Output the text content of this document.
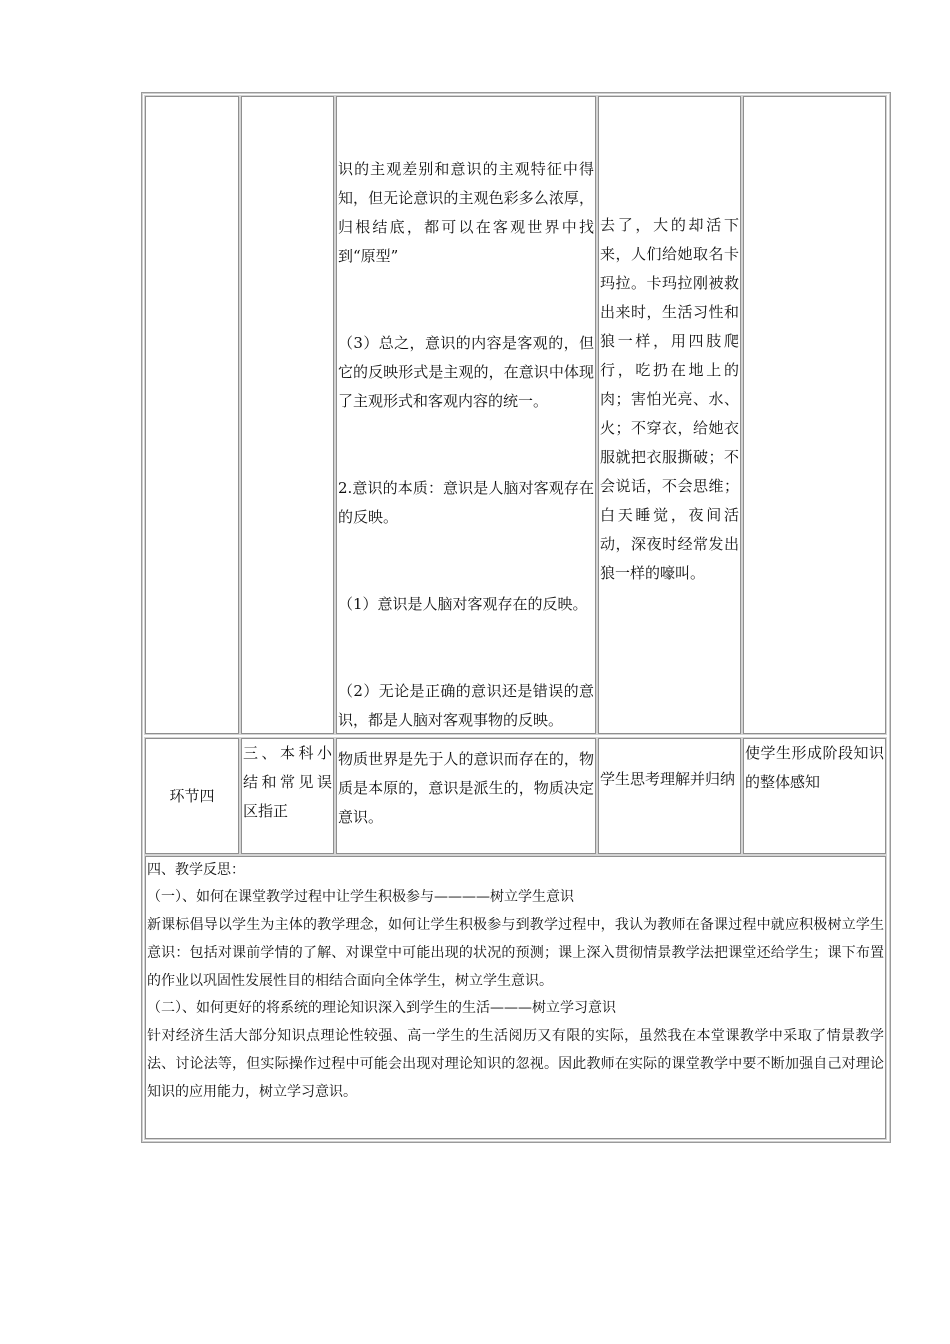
识的主观差别和意识的主观特征中得知，但无论意识的主观色彩多么浓厚，归根结底，都可以在客观世界中找到“原型”

（3）总之，意识的内容是客观的，但它的反映形式是主观的，在意识中体现了主观形式和客观内容的统一。

2.意识的本质：意识是人脑对客观存在的反映。

（1）意识是人脑对客观存在的反映。

（2）无论是正确的意识还是错误的意识，都是人脑对客观事物的反映。

去了，大的却活下来，人们给她取名卡玛拉。卡玛拉刚被救出来时，生活习性和狼一样，用四肢爬行，吃扔在地上的肉；害怕光亮、水、火；不穿衣，给她衣服就把衣服撕破；不会说话，不会思维；白天睡觉，夜间活动，深夜时经常发出狼一样的嚎叫。
环节四
三、本科小结和常见误区指正
物质世界是先于人的意识而存在的，物质是本原的，意识是派生的，物质决定意识。
学生思考理解并归纳
使学生形成阶段知识的整体感知
四、教学反思：
（一）、如何在课堂教学过程中让学生积极参与————树立学生意识
新课标倡导以学生为主体的教学理念，如何让学生积极参与到教学过程中，我认为教师在备课过程中就应积极树立学生意识：包括对课前学情的了解、对课堂中可能出现的状况的预测；课上深入贯彻情景教学法把课堂还给学生；课下布置的作业以巩固性发展性目的相结合面向全体学生，树立学生意识。
（二）、如何更好的将系统的理论知识深入到学生的生活———树立学习意识
针对经济生活大部分知识点理论性较强、高一学生的生活阅历又有限的实际，虽然我在本堂课教学中采取了情景教学法、讨论法等，但实际操作过程中可能会出现对理论知识的忽视。因此教师在实际的课堂教学中要不断加强自己对理论知识的应用能力，树立学习意识。
